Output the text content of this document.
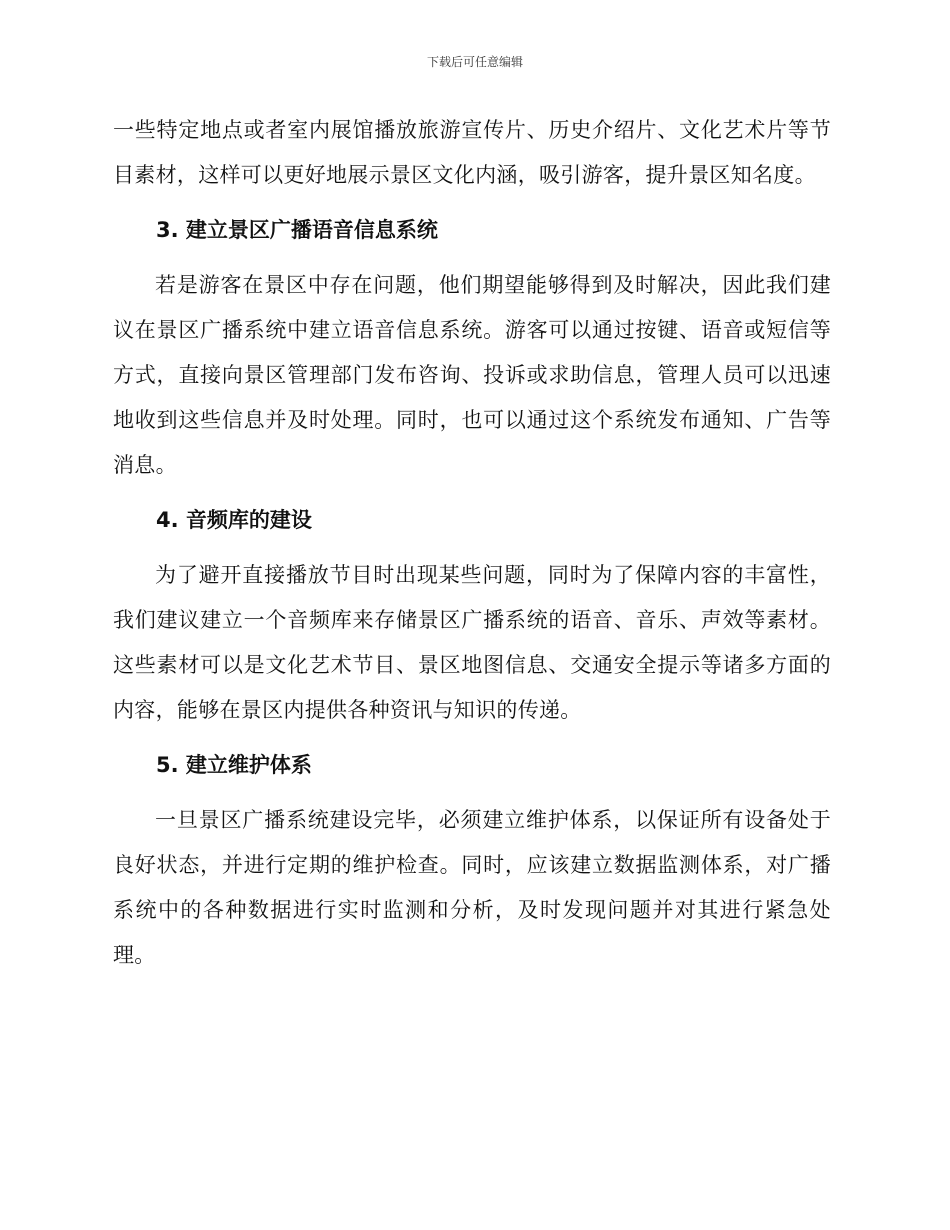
下载后可任意编辑

一些特定地点或者室内展馆播放旅游宣传片、历史介绍片、文化艺术片等节目素材，这样可以更好地展示景区文化内涵，吸引游客，提升景区知名度。

3. 建立景区广播语音信息系统

若是游客在景区中存在问题，他们期望能够得到及时解决，因此我们建议在景区广播系统中建立语音信息系统。游客可以通过按键、语音或短信等方式，直接向景区管理部门发布咨询、投诉或求助信息，管理人员可以迅速地收到这些信息并及时处理。同时，也可以通过这个系统发布通知、广告等消息。

4. 音频库的建设

为了避开直接播放节目时出现某些问题，同时为了保障内容的丰富性，我们建议建立一个音频库来存储景区广播系统的语音、音乐、声效等素材。这些素材可以是文化艺术节目、景区地图信息、交通安全提示等诸多方面的内容，能够在景区内提供各种资讯与知识的传递。

5. 建立维护体系

一旦景区广播系统建设完毕，必须建立维护体系，以保证所有设备处于良好状态，并进行定期的维护检查。同时，应该建立数据监测体系，对广播系统中的各种数据进行实时监测和分析，及时发现问题并对其进行紧急处理。
